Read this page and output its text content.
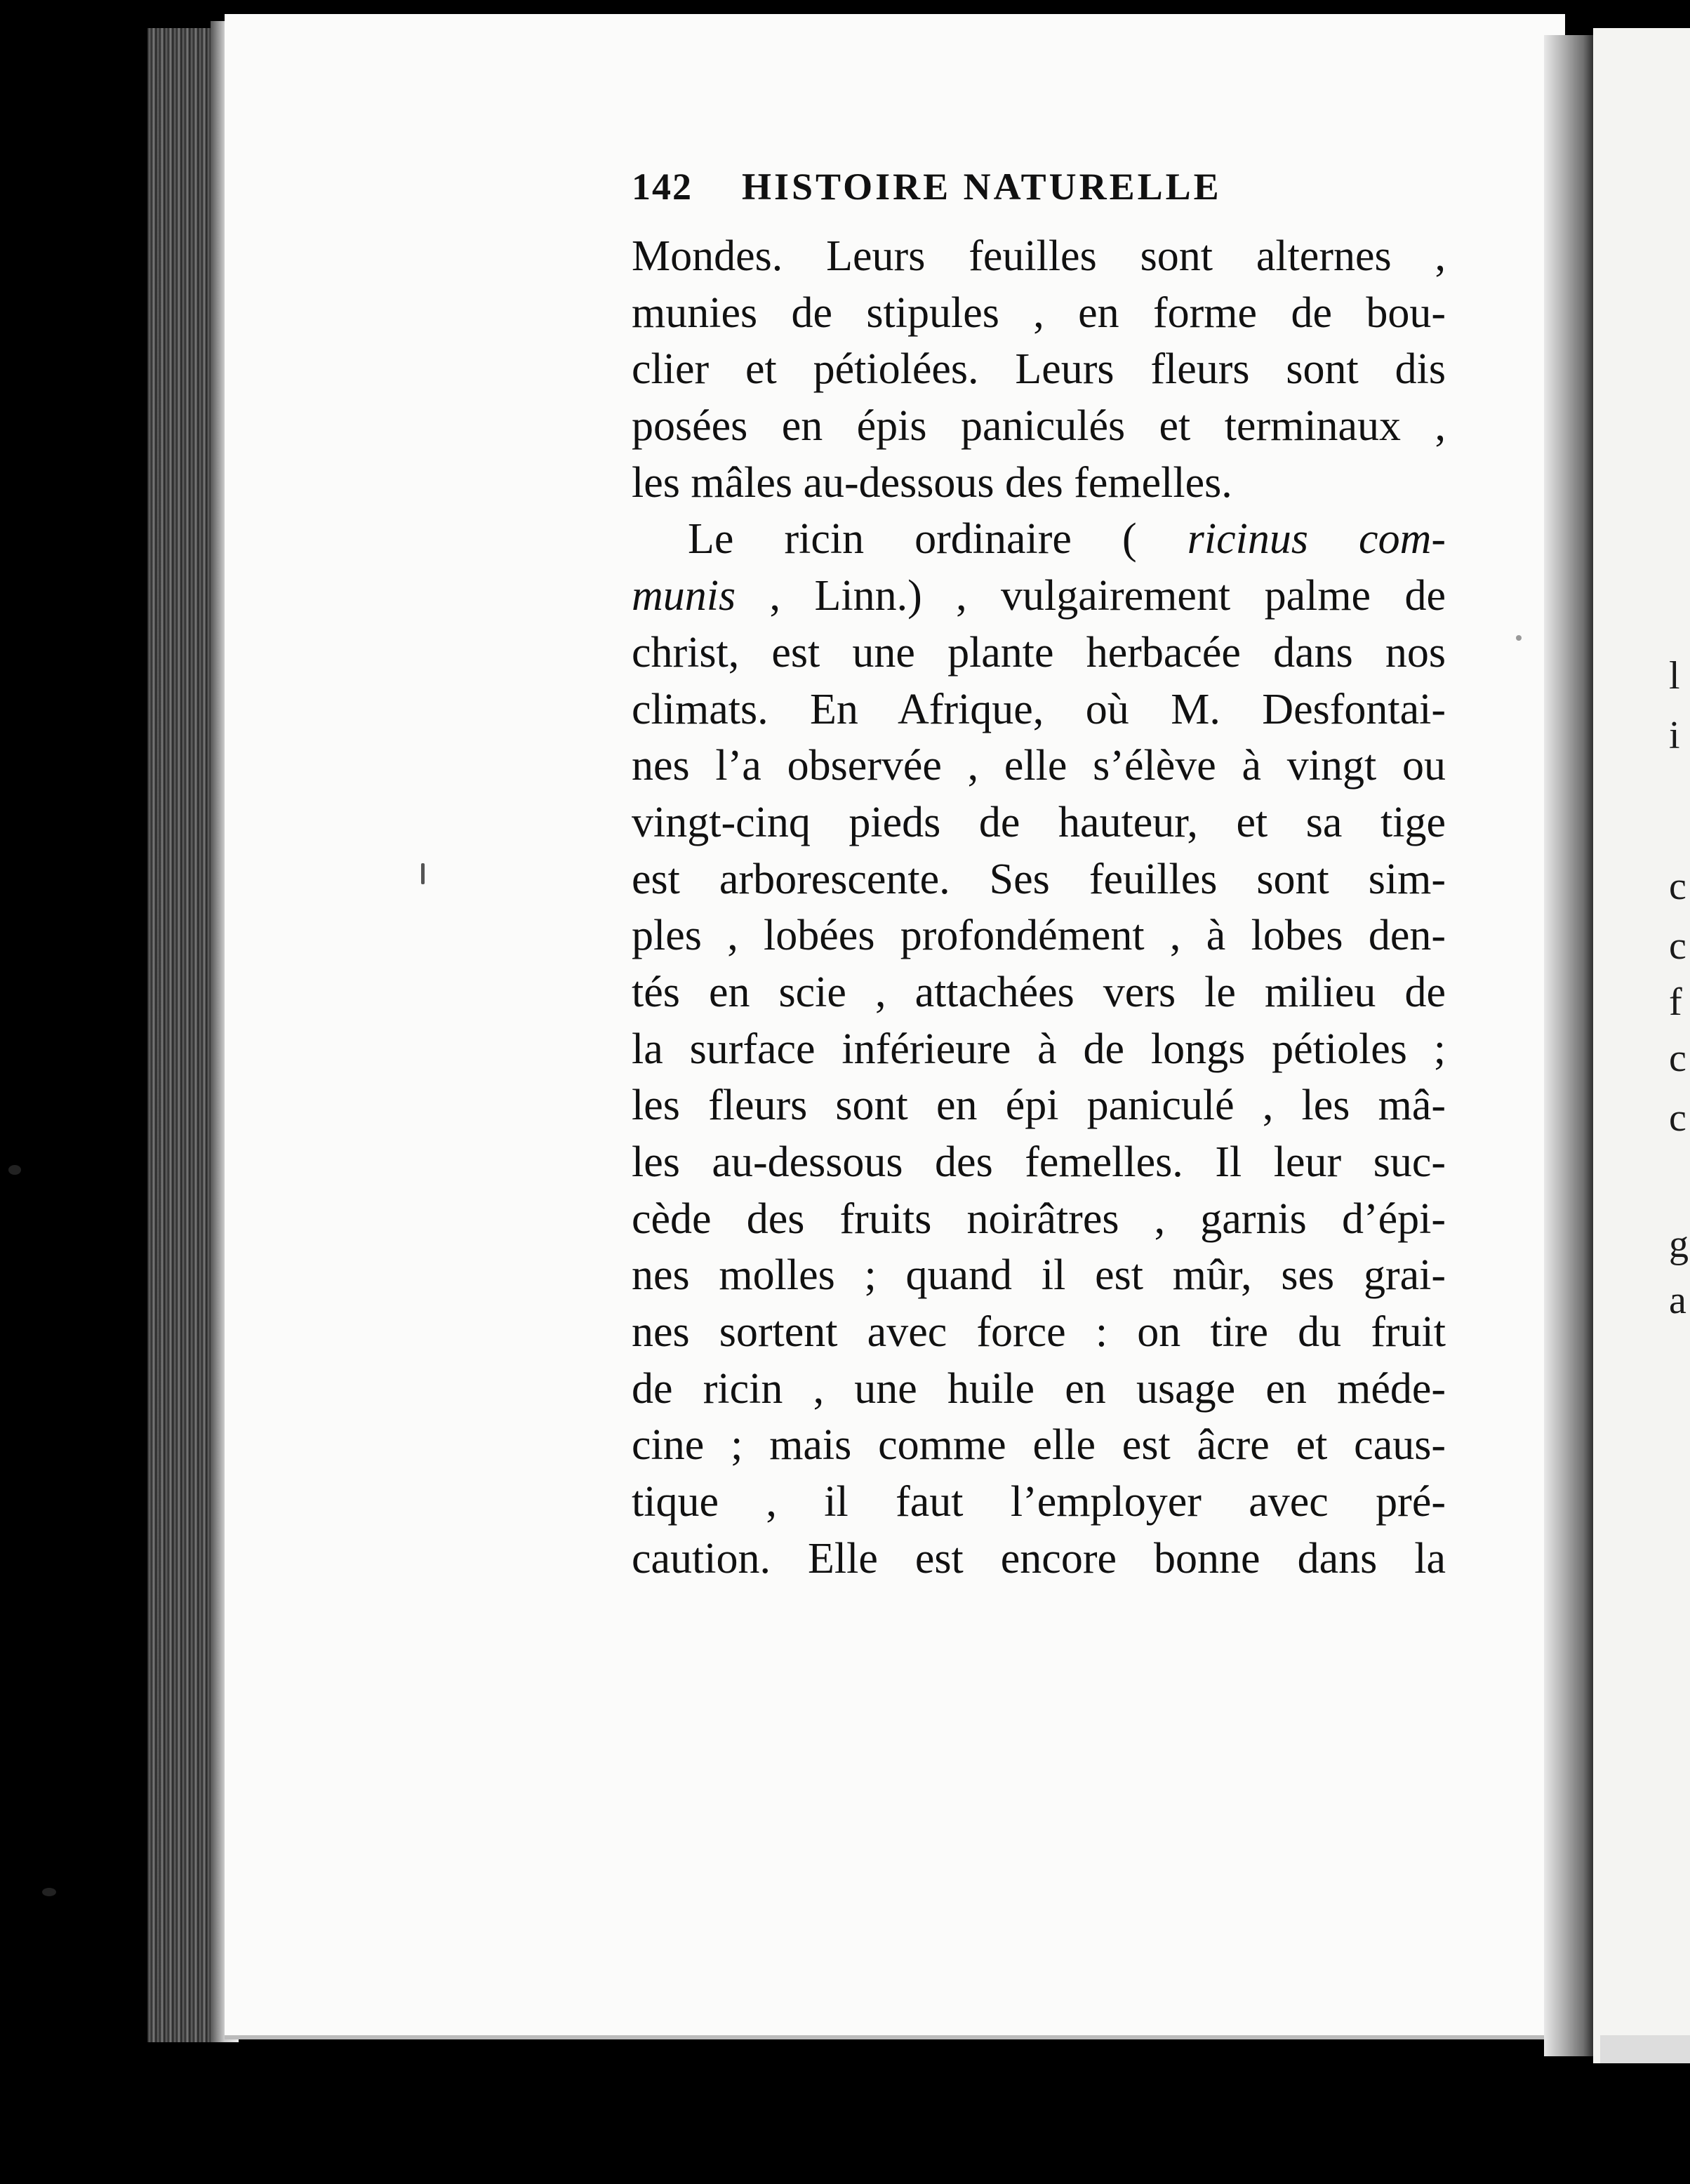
l
i
c
c
f
c
c
g
a
142 HISTOIRE NATURELLE
Mondes. Leurs feuilles sont alternes ,
munies de stipules , en forme de bou-
clier et pétiolées. Leurs fleurs sont dis
posées en épis paniculés et terminaux ,
les mâles au-dessous des femelles.
Le ricin ordinaire ( ricinus com-
munis , Linn.) , vulgairement palme de
christ, est une plante herbacée dans nos
climats. En Afrique, où M. Desfontai-
nes l’a observée , elle s’élève à vingt ou
vingt-cinq pieds de hauteur, et sa tige
est arborescente. Ses feuilles sont sim-
ples , lobées profondément , à lobes den-
tés en scie , attachées vers le milieu de
la surface inférieure à de longs pétioles ;
les fleurs sont en épi paniculé , les mâ-
les au-dessous des femelles. Il leur suc-
cède des fruits noirâtres , garnis d’épi-
nes molles ; quand il est mûr, ses grai-
nes sortent avec force : on tire du fruit
de ricin , une huile en usage en méde-
cine ; mais comme elle est âcre et caus-
tique , il faut l’employer avec pré-
caution. Elle est encore bonne dans la
